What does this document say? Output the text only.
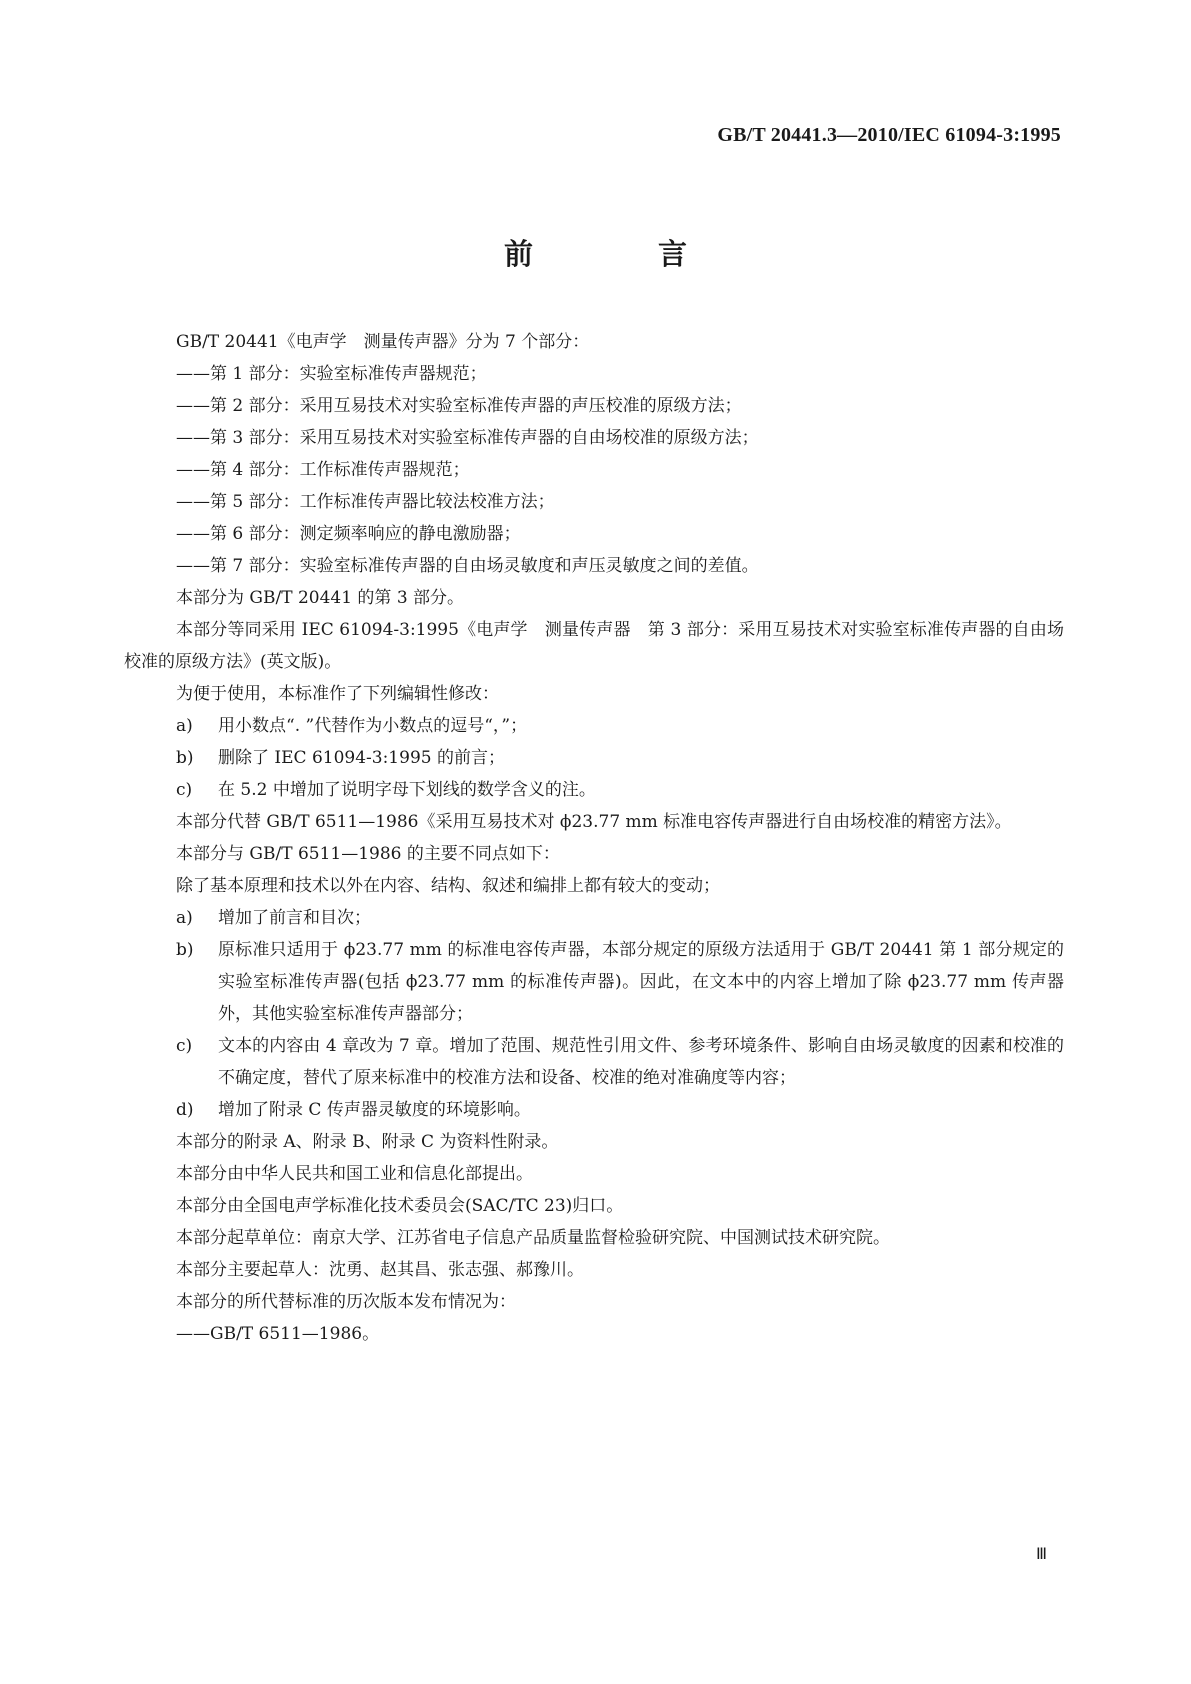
GB/T 20441.3—2010/IEC 61094-3:1995
前　言
GB/T 20441《电声学　测量传声器》分为 7 个部分：
——第 1 部分：实验室标准传声器规范；
——第 2 部分：采用互易技术对实验室标准传声器的声压校准的原级方法；
——第 3 部分：采用互易技术对实验室标准传声器的自由场校准的原级方法；
——第 4 部分：工作标准传声器规范；
——第 5 部分：工作标准传声器比较法校准方法；
——第 6 部分：测定频率响应的静电激励器；
——第 7 部分：实验室标准传声器的自由场灵敏度和声压灵敏度之间的差值。
本部分为 GB/T 20441 的第 3 部分。
本部分等同采用 IEC 61094-3:1995《电声学　测量传声器　第 3 部分：采用互易技术对实验室标准传声器的自由场校准的原级方法》(英文版)。
为便于使用，本标准作了下列编辑性修改：
a)	用小数点“. ”代替作为小数点的逗号“，”；
b)	删除了 IEC 61094-3:1995 的前言；
c)	在 5.2 中增加了说明字母下划线的数学含义的注。
本部分代替 GB/T 6511—1986《采用互易技术对 ϕ23.77 mm 标准电容传声器进行自由场校准的精密方法》。
本部分与 GB/T 6511—1986 的主要不同点如下：
除了基本原理和技术以外在内容、结构、叙述和编排上都有较大的变动；
a)	增加了前言和目次；
b)	原标准只适用于 ϕ23.77 mm 的标准电容传声器，本部分规定的原级方法适用于 GB/T 20441 第 1 部分规定的实验室标准传声器(包括 ϕ23.77 mm 的标准传声器)。因此，在文本中的内容上增加了除 ϕ23.77 mm 传声器外，其他实验室标准传声器部分；
c)	文本的内容由 4 章改为 7 章。增加了范围、规范性引用文件、参考环境条件、影响自由场灵敏度的因素和校准的不确定度，替代了原来标准中的校准方法和设备、校准的绝对准确度等内容；
d)	增加了附录 C 传声器灵敏度的环境影响。
本部分的附录 A、附录 B、附录 C 为资料性附录。
本部分由中华人民共和国工业和信息化部提出。
本部分由全国电声学标准化技术委员会(SAC/TC 23)归口。
本部分起草单位：南京大学、江苏省电子信息产品质量监督检验研究院、中国测试技术研究院。
本部分主要起草人：沈勇、赵其昌、张志强、郝豫川。
本部分的所代替标准的历次版本发布情况为：
——GB/T 6511—1986。
Ⅲ
